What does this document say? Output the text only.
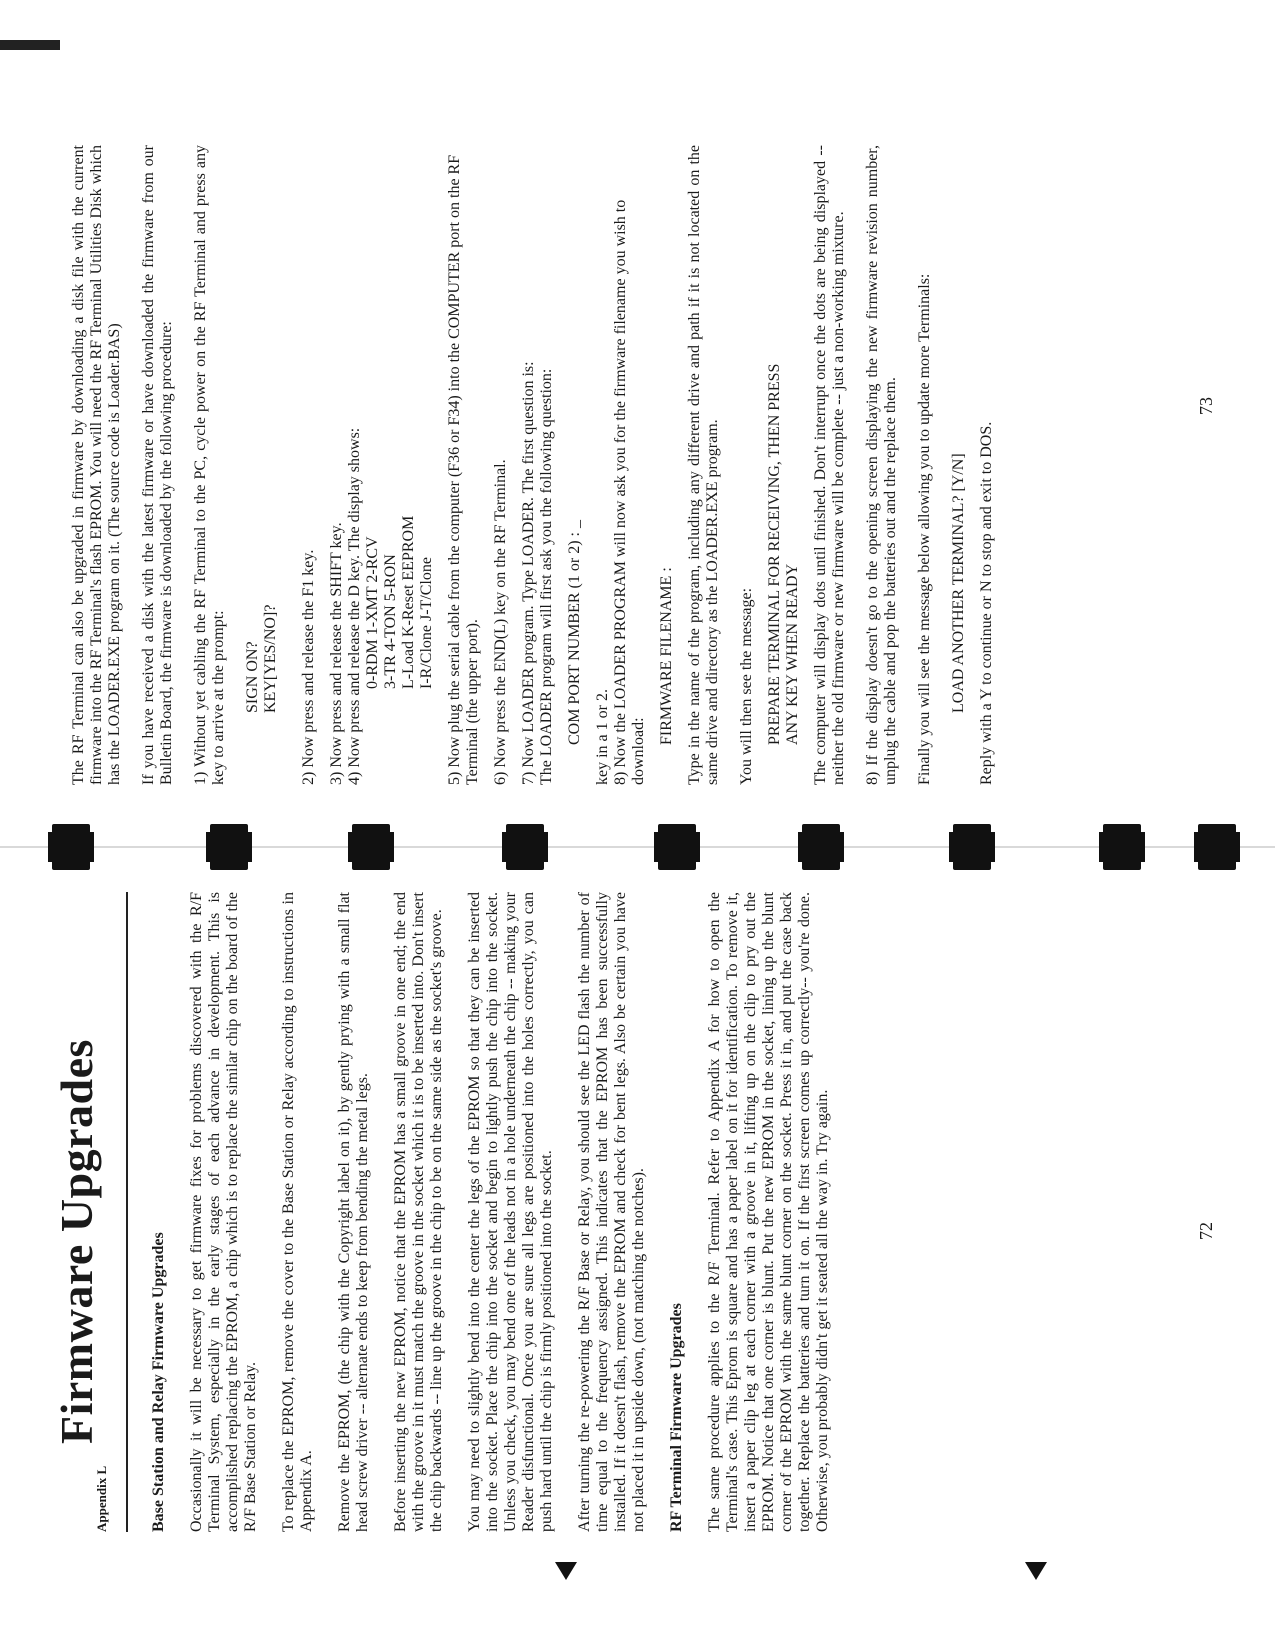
Appendix L
Firmware Upgrades	Base Station and Relay Firmware Upgrades Occasionally it will be necessary to get firmware fixes for problems discovered with the R/F Terminal System, especially in the early stages of each advance in development. This is accomplished replacing the EPROM, a chip which is to replace the similar chip on the board of the R/F Base Station or Relay. To replace the EPROM, remove the cover to the Base Station or Relay according to instructions in Appendix A. Remove the EPROM, (the chip with the Copyright label on it), by gently prying with a small flat head screw driver -- alternate ends to keep from bending the metal legs. Before inserting the new EPROM, notice that the EPROM has a small groove in one end; the end with the groove in it must match the groove in the socket which it is to be inserted into. Don't insert the chip backwards -- line up the groove in the chip to be on the same side as the socket's groove. You may need to slightly bend into the center the legs of the EPROM so that they can be inserted into the socket. Place the chip into the socket and begin to lightly push the chip into the socket. Unless you check, you may bend one of the leads not in a hole underneath the chip -- making your Reader disfunctional. Once you are sure all legs are positioned into the holes correctly, you can push hard until the chip is firmly positioned into the socket. After turning the re-powering the R/F Base or Relay, you should see the LED flash the number of time equal to the frequency assigned. This indicates that the EPROM has been successfully installed. If it doesn't flash, remove the EPROM and check for bent legs. Also be certain you have not placed it in upside down, (not matching the notches). RF Terminal Firmware Upgrades The same procedure applies to the R/F Terminal. Refer to Appendix A for how to open the Terminal's case. This Eprom is square and has a paper label on it for identification. To remove it, insert a paper clip leg at each corner with a groove in it, lifting up on the clip to pry out the EPROM. Notice that one corner is blunt. Put the new EPROM in the socket, lining up the blunt corner of the EPROM with the same blunt corner on the socket. Press it in, and put the case back together. Replace the batteries and turn it on. If the first screen comes up correctly-- you're done. Otherwise, you probably didn't get it seated all the way in. Try again.	72

The RF Terminal can also be upgraded in firmware by downloading a disk file with the current firmware into the RF Terminal's flash EPROM. You will need the RF Terminal Utilities Disk which has the LOADER.EXE program on it. (The source code is Loader.BAS) If you have received a disk with the latest firmware or have downloaded the firmware from our Bulletin Board, the firmware is downloaded by the following procedure: 1) Without yet cabling the RF Terminal to the PC, cycle power on the RF Terminal and press any key to arrive at the prompt: SIGN ON? KEY[YES/NO]? 2) Now press and release the F1 key. 3) Now press and release the SHIFT key. 4) Now press and release the D key. The display shows: 0-RDM 1-XMT 2-RCV 3-TR 4-TON 5-RON L-Load K-Reset EEPROM I-R/Clone J-T/Clone 5) Now plug the serial cable from the computer (F36 or F34) into the COMPUTER port on the RF Terminal (the upper port). 6) Now press the END(L) key on the RF Terminal. 7) Now LOADER program. Type LOADER. The first question is: The LOADER program will first ask you the following question: COM PORT NUMBER (1 or 2) : _ key in a 1 or 2. 8) Now the LOADER PROGRAM will now ask you for the firmware filename you wish to download:

FIRMWARE FILENAME : Type in the name of the program, including any different drive and path if it is not located on the same drive and directory as the LOADER.EXE program. You will then see the message: PREPARE TERMINAL FOR RECEIVING, THEN PRESS ANY KEY WHEN READY The computer will display dots until finished. Don't interrupt once the dots are being displayed -- neither the old firmware or new firmware will be complete -- just a non-working mixture. 8) If the display doesn't go to the opening screen displaying the new firmware revision number, unplug the cable and pop the batteries out and the replace them. Finally you will see the message below allowing you to update more Terminals: LOAD ANOTHER TERMINAL? [Y/N] Reply with a Y to continue or N to stop and exit to DOS.

73
